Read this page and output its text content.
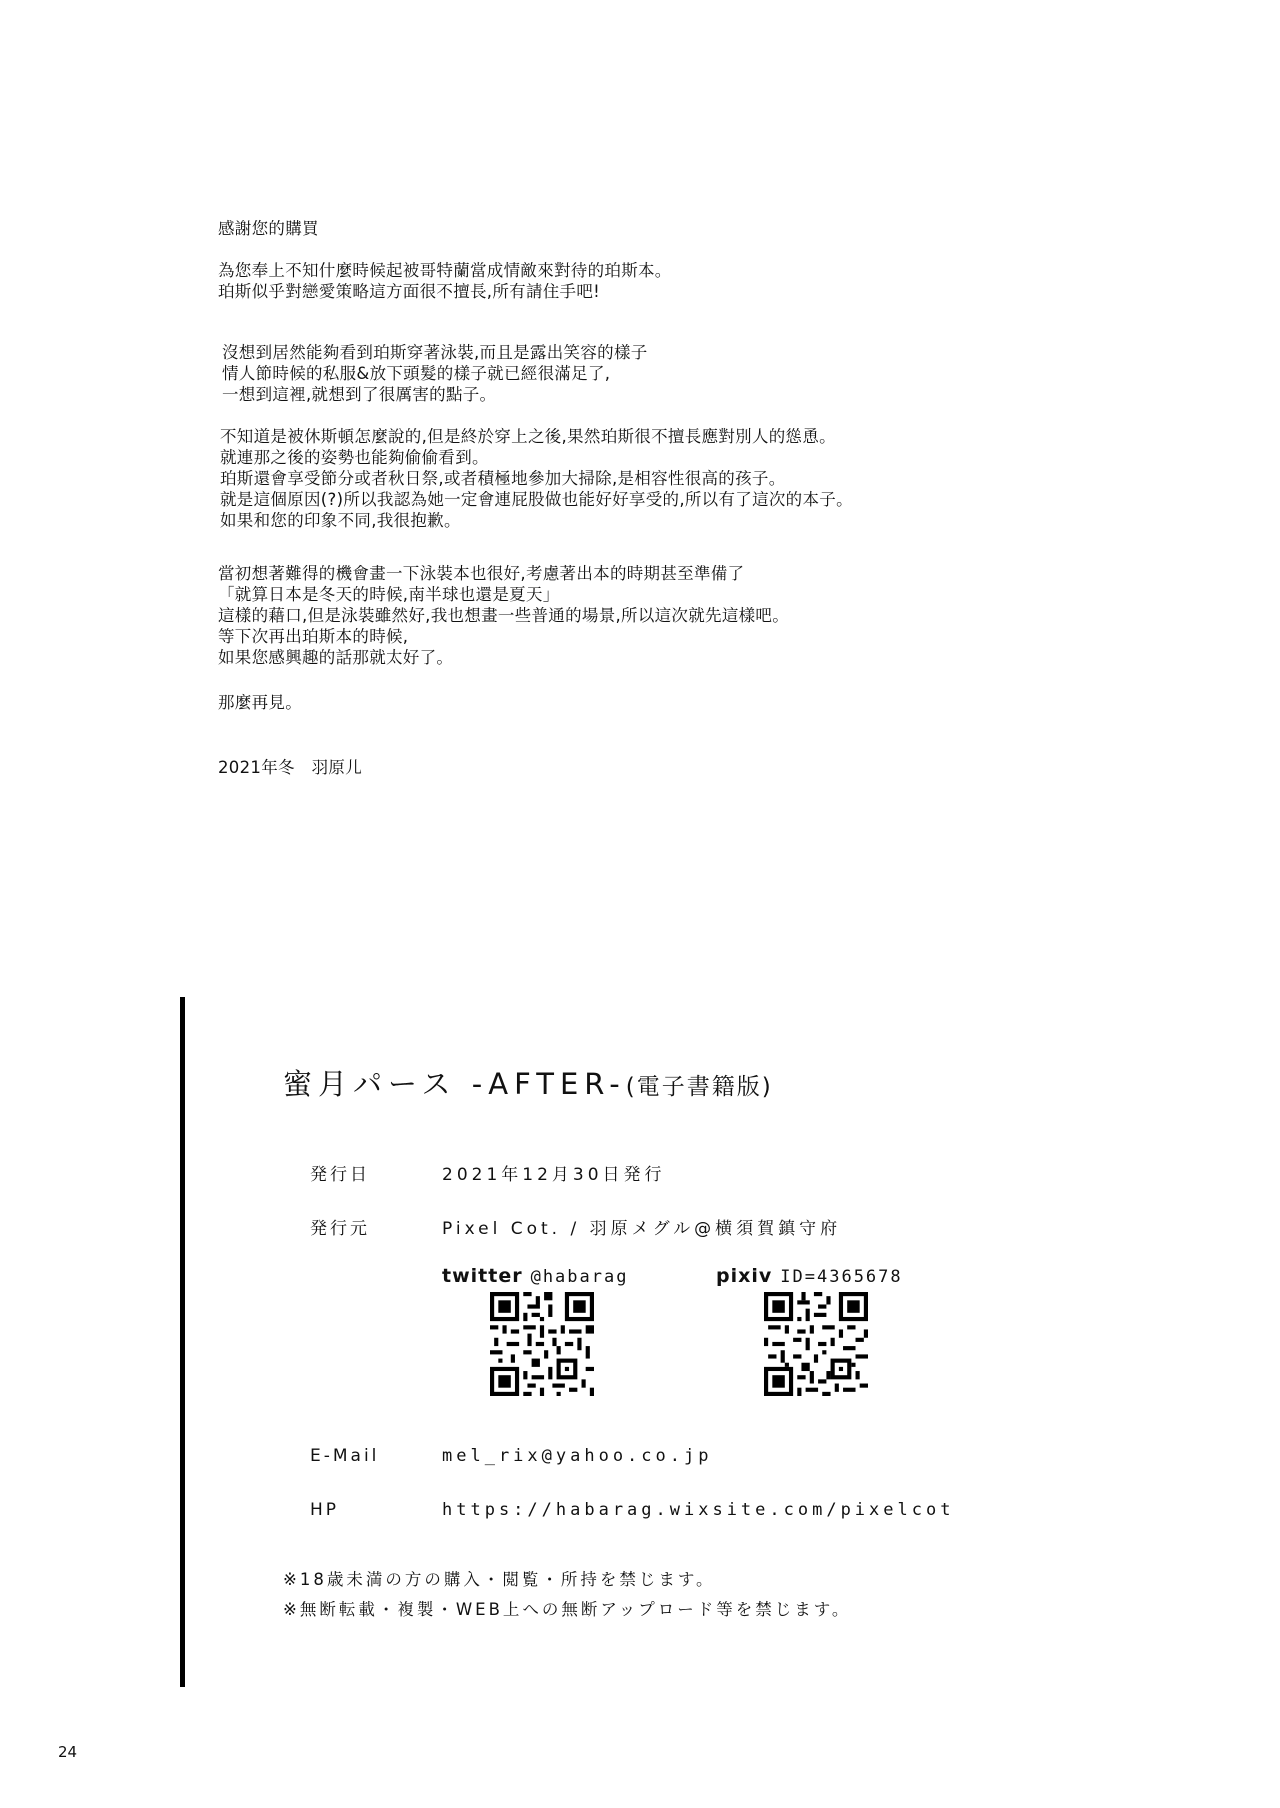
感謝您的購買

為您奉上不知什麼時候起被哥特蘭當成情敵來對待的珀斯本。

珀斯似乎對戀愛策略這方面很不擅長,所有請住手吧!

沒想到居然能夠看到珀斯穿著泳裝,而且是露出笑容的樣子

情人節時候的私服&放下頭髮的樣子就已經很滿足了,

一想到這裡,就想到了很厲害的點子。

不知道是被休斯頓怎麼說的,但是終於穿上之後,果然珀斯很不擅長應對別人的慫恿。

就連那之後的姿勢也能夠偷偷看到。

珀斯還會享受節分或者秋日祭,或者積極地參加大掃除,是相容性很高的孩子。

就是這個原因(?)所以我認為她一定會連屁股做也能好好享受的,所以有了這次的本子。

如果和您的印象不同,我很抱歉。

當初想著難得的機會畫一下泳裝本也很好,考慮著出本的時期甚至準備了

「就算日本是冬天的時候,南半球也還是夏天」

這樣的藉口,但是泳裝雖然好,我也想畫一些普通的場景,所以這次就先這樣吧。

等下次再出珀斯本的時候,

如果您感興趣的話那就太好了。

那麼再見。

2021年冬　羽原儿

蜜月パース -AFTER-(電子書籍版)
発行日	2021年12月30日発行
発行元	Pixel Cot. / 羽原メグル@横須賀鎮守府
twitter @habarag	pixiv ID=4365678
E-Mail	mel_rix@yahoo.co.jp
HP	https://habarag.wixsite.com/pixelcot
※18歳未満の方の購入・閲覧・所持を禁じます。
※無断転載・複製・WEB上への無断アップロード等を禁じます。
24
